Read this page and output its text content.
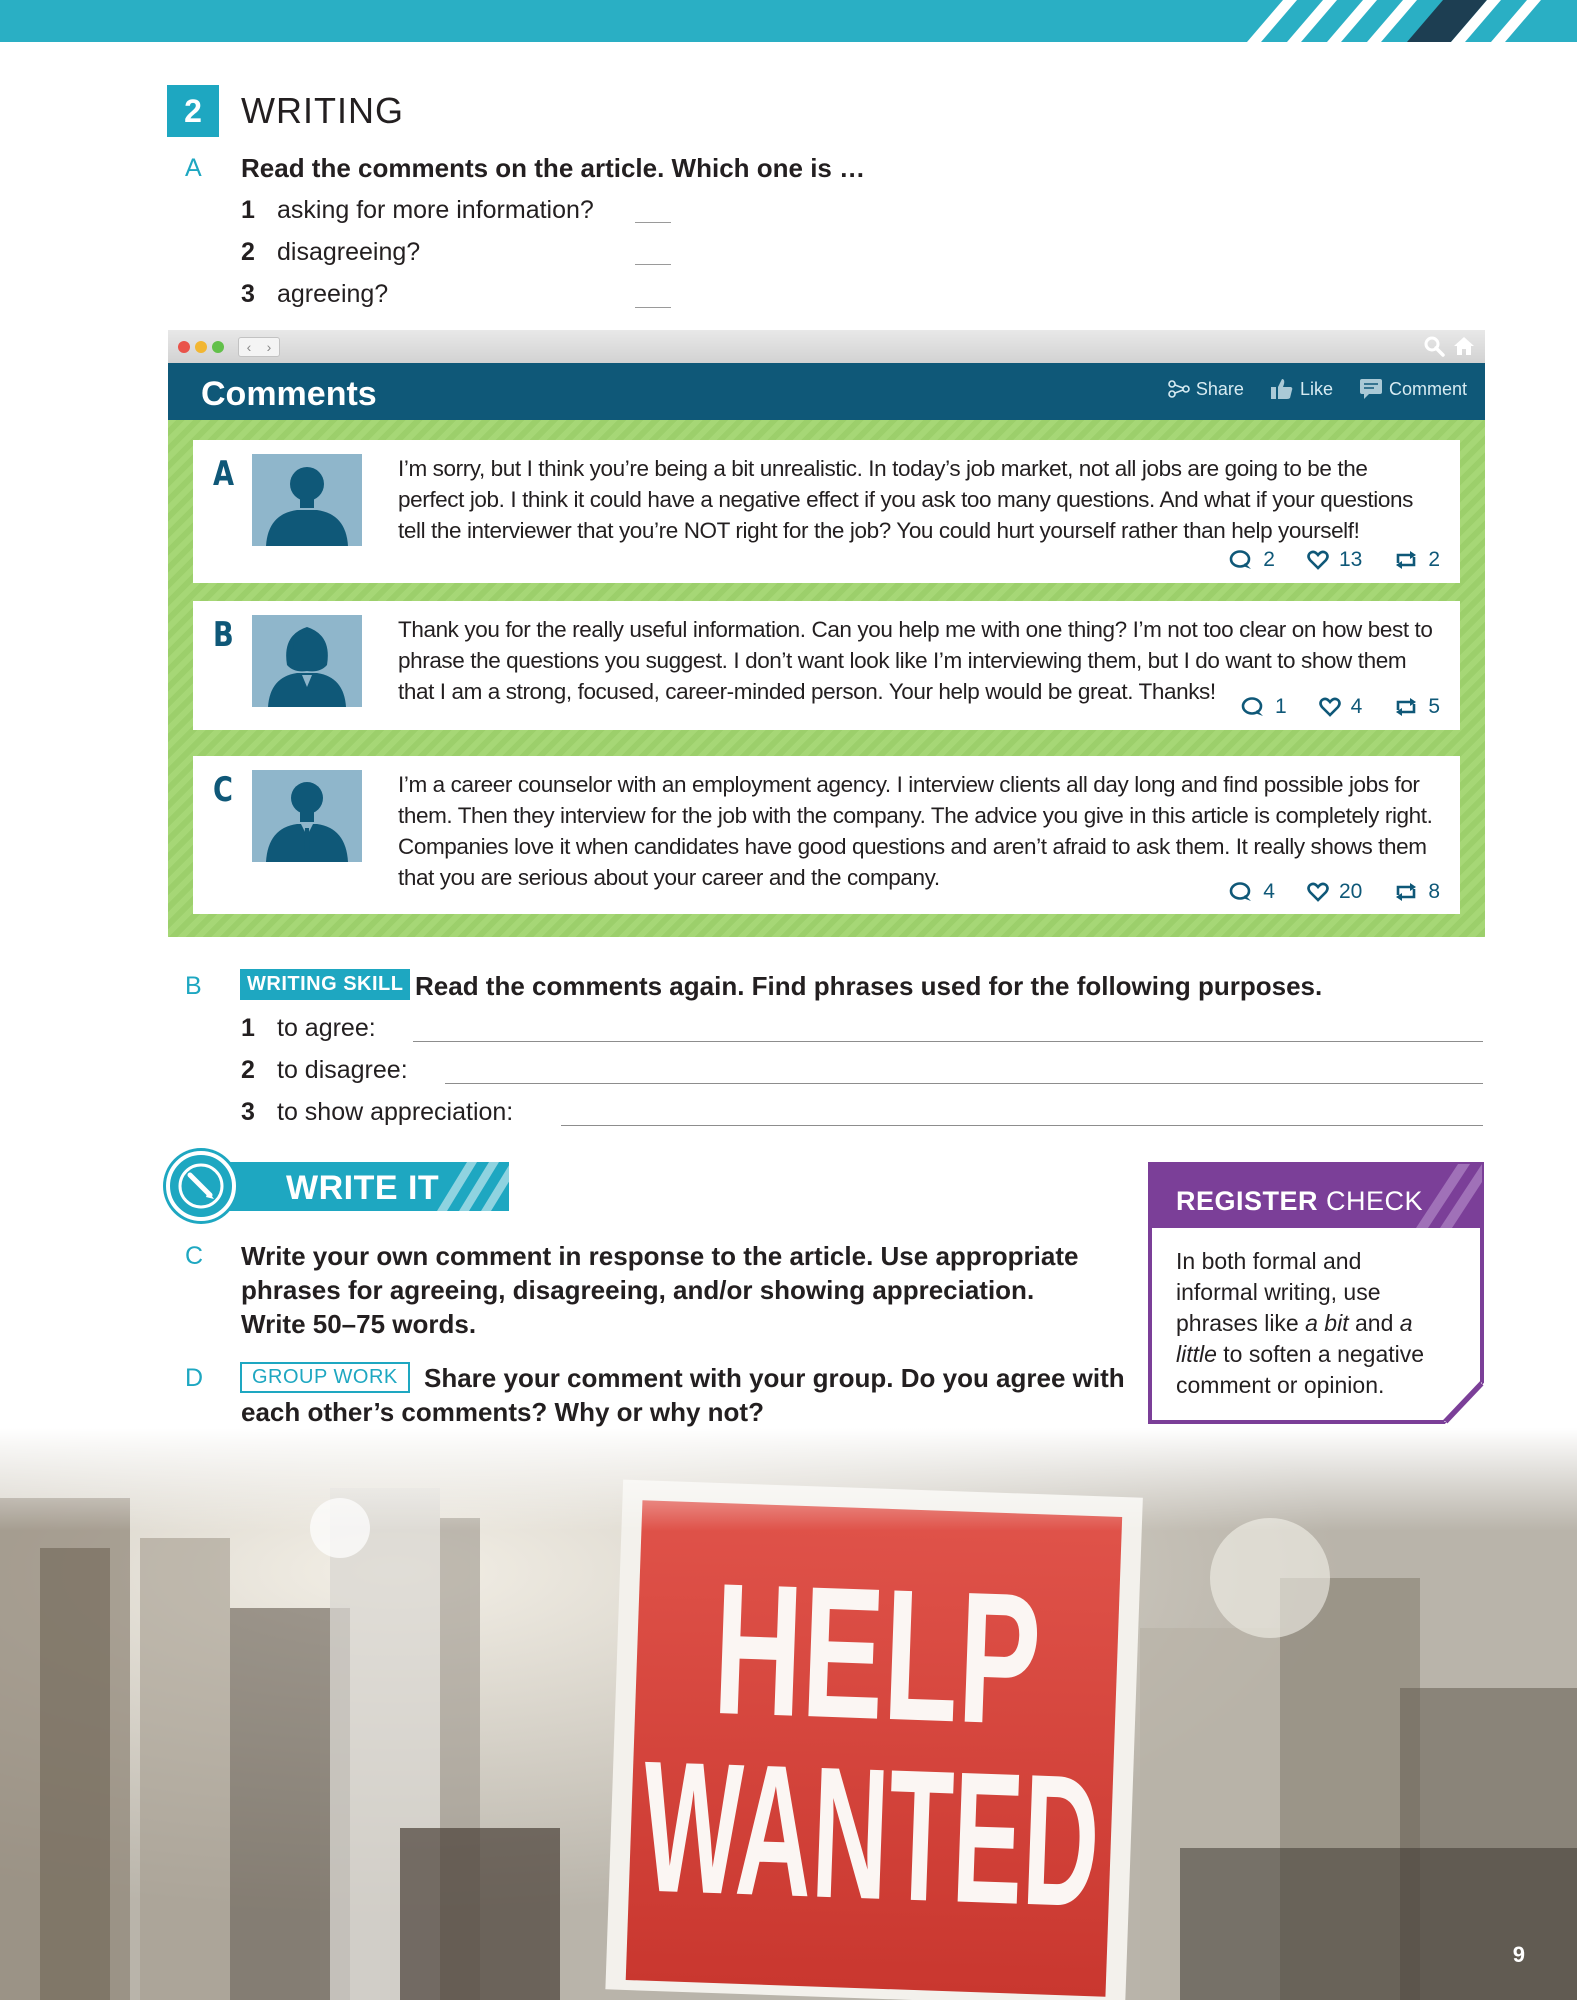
2	WRITING
A Read the comments on the article. Which one is …
1 asking for more information?
2 disagreeing?
3 agreeing?
‹ ›
Comments	Share	Like	Comment
A	I’m sorry, but I think you’re being a bit unrealistic. In today’s job market, not all jobs are going to be the perfect job. I think it could have a negative effect if you ask too many questions. And what if your questions tell the interviewer that you’re NOT right for the job? You could hurt yourself rather than help yourself!
2	13	2
B	Thank you for the really useful information. Can you help me with one thing? I’m not too clear on how best to phrase the questions you suggest. I don’t want look like I’m interviewing them, but I do want to show them that I am a strong, focused, career-minded person. Your help would be great. Thanks!
1	4	5
C	I’m a career counselor with an employment agency. I interview clients all day long and find possible jobs for them. Then they interview for the job with the company. The advice you give in this article is completely right. Companies love it when candidates have good questions and aren’t afraid to ask them. It really shows them that you are serious about your career and the company.
4	20	8
B	WRITING SKILL Read the comments again. Find phrases used for the following purposes.
1 to agree:
2 to disagree:
3 to show appreciation:
WRITE IT
C Write your own comment in response to the article. Use appropriate
phrases for agreeing, disagreeing, and/or showing appreciation.
Write 50–75 words.
D	GROUP WORK	Share your comment with your group. Do you agree with
each other’s comments? Why or why not?
REGISTER CHECK
In both formal and
informal writing, use
phrases like a bit and a
little to soften a negative
comment or opinion.
9
